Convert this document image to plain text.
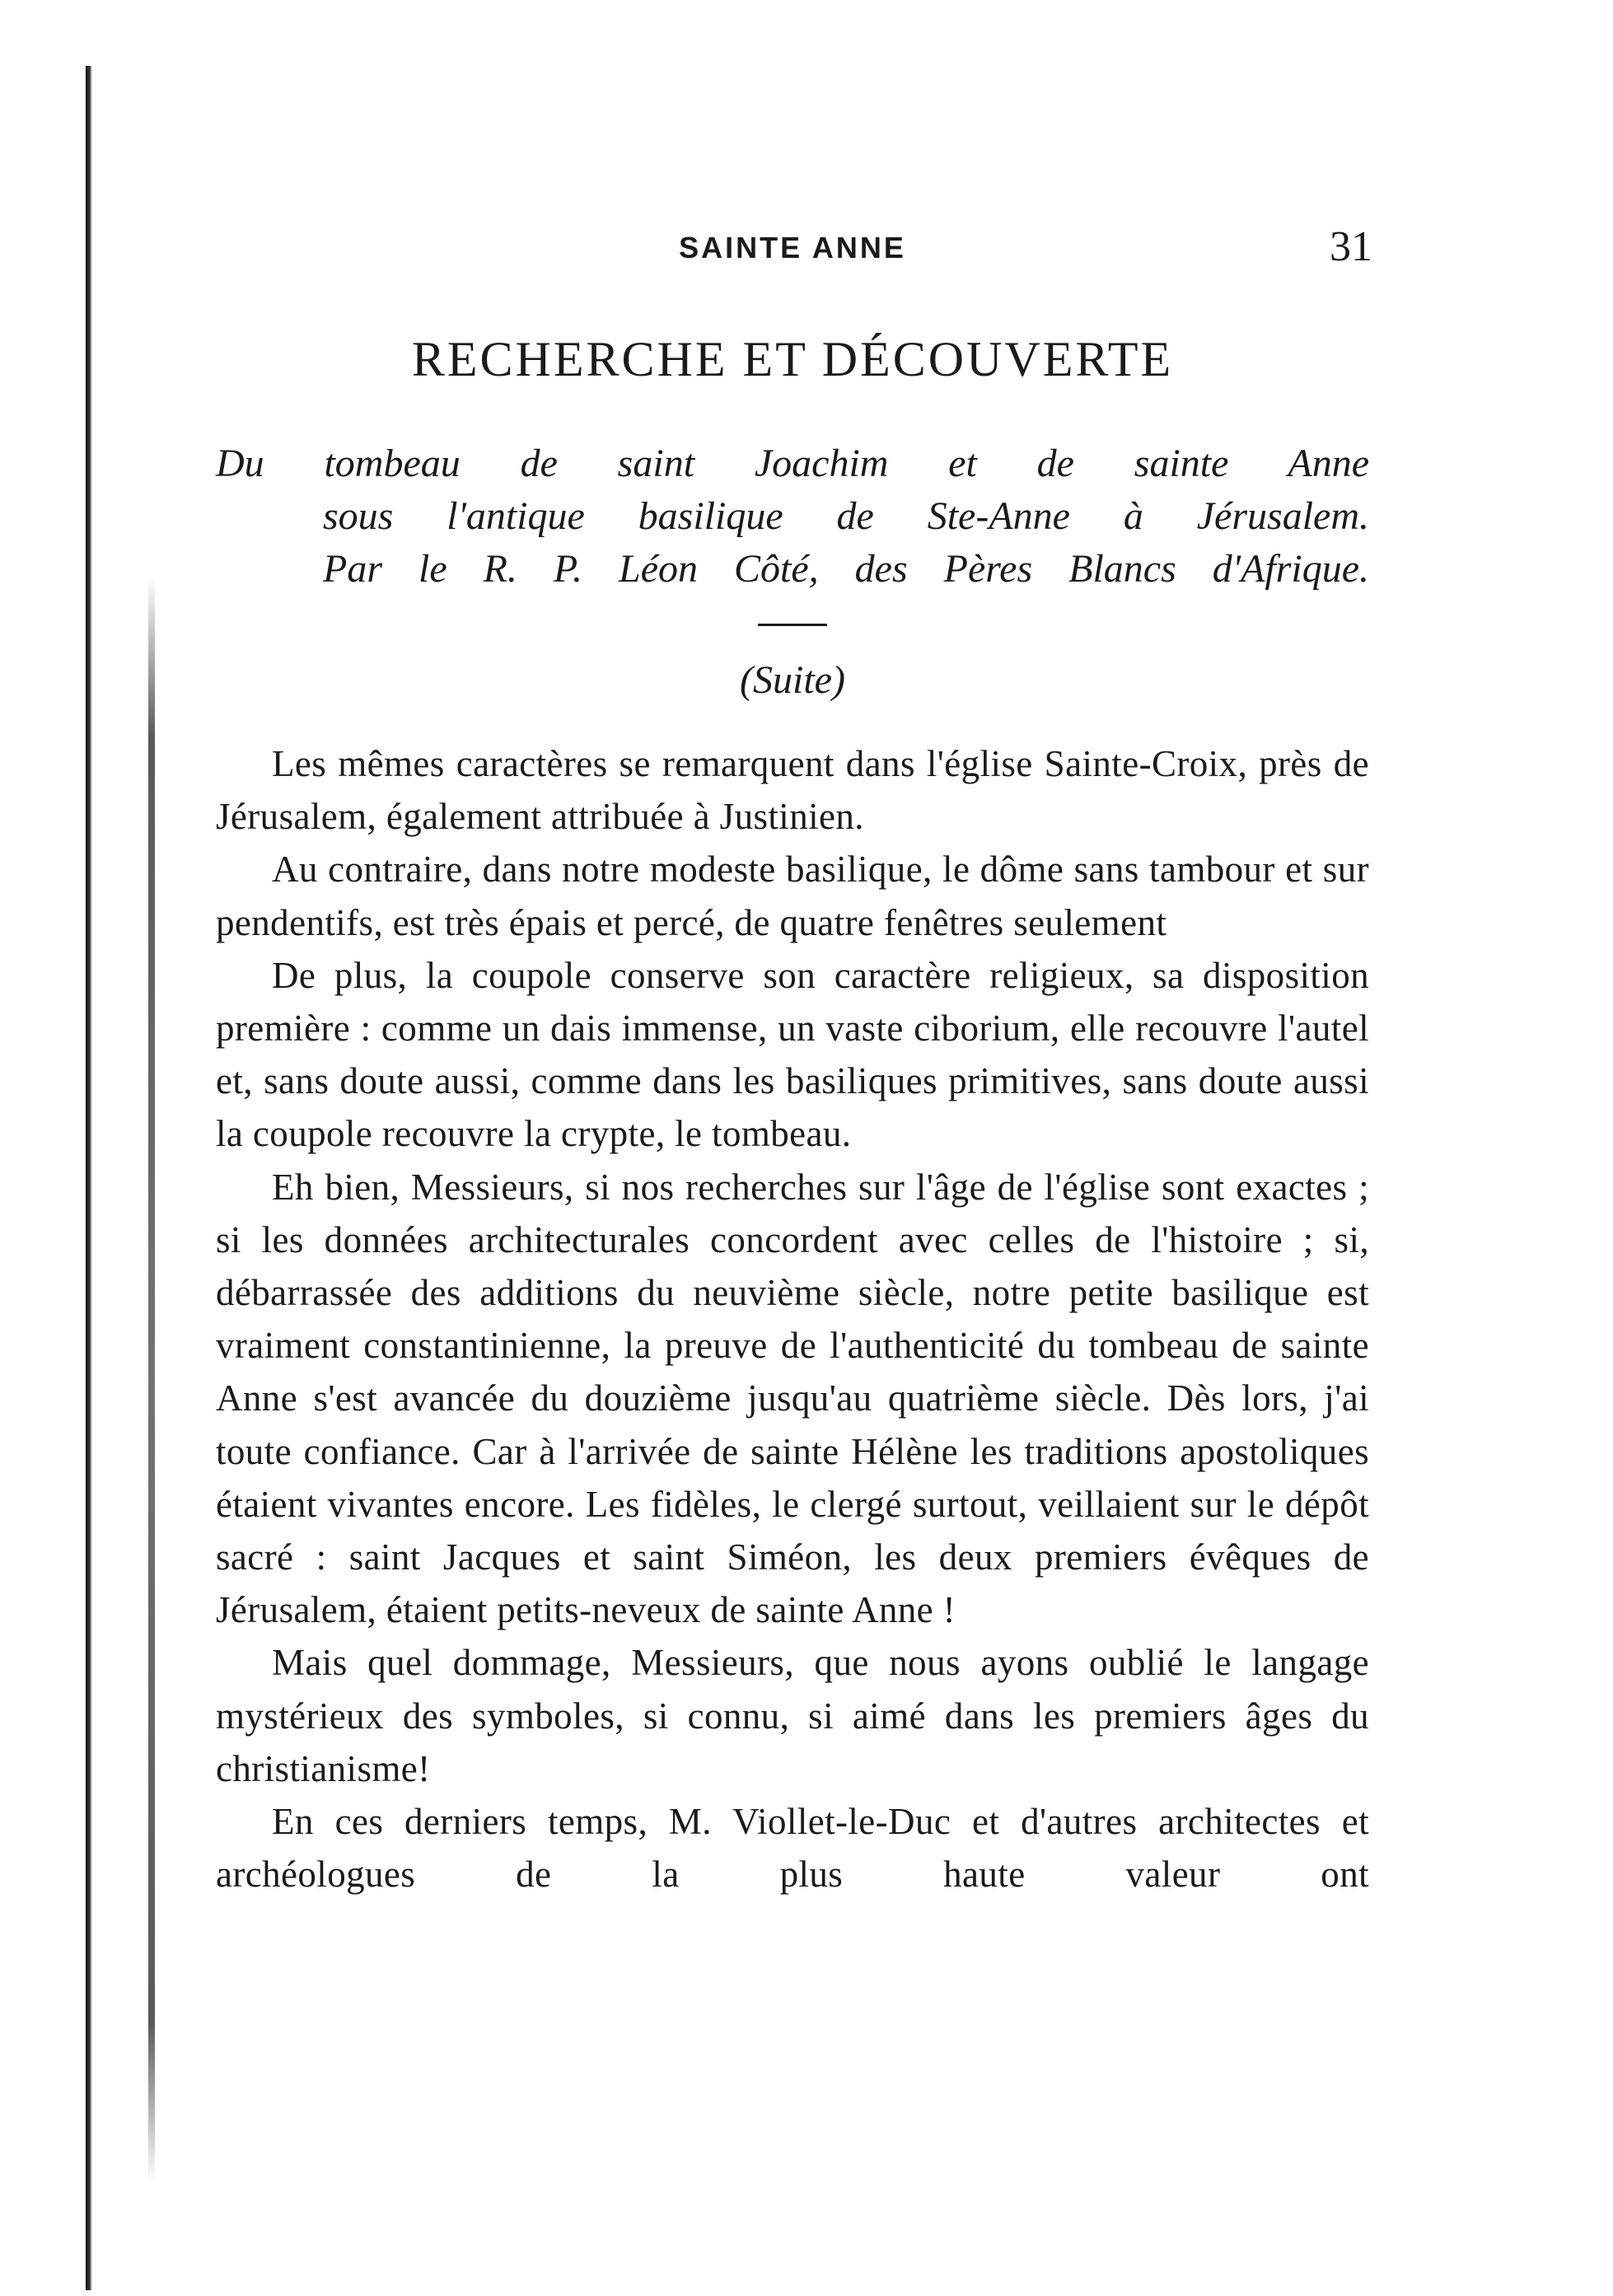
SAINTE ANNE	31
RECHERCHE ET DÉCOUVERTE
Du tombeau de saint Joachim et de sainte Anne
sous l'antique basilique de Ste-Anne à Jérusalem.
Par le R. P. Léon Côté, des Pères Blancs d'Afrique.
(Suite)

Les mêmes caractères se remarquent dans l'église Sainte-Croix, près de Jérusalem, également attribuée à Justinien.

Au contraire, dans notre modeste basilique, le dôme sans tambour et sur pendentifs, est très épais et percé, de quatre fenêtres seulement

De plus, la coupole conserve son caractère religieux, sa disposition première : comme un dais immense, un vaste ciborium, elle recouvre l'autel et, sans doute aussi, comme dans les basiliques primitives, sans doute aussi la coupole recouvre la crypte, le tombeau.

Eh bien, Messieurs, si nos recherches sur l'âge de l'église sont exactes ; si les données architecturales concordent avec celles de l'histoire ; si, débarrassée des additions du neuvième siècle, notre petite basilique est vraiment constantinienne, la preuve de l'authenticité du tombeau de sainte Anne s'est avancée du douzième jusqu'au quatrième siècle. Dès lors, j'ai toute confiance. Car à l'arrivée de sainte Hélène les traditions apostoliques étaient vivantes encore. Les fidèles, le clergé surtout, veillaient sur le dépôt sacré : saint Jacques et saint Siméon, les deux premiers évêques de Jérusalem, étaient petits-neveux de sainte Anne !

Mais quel dommage, Messieurs, que nous ayons oublié le langage mystérieux des symboles, si connu, si aimé dans les premiers âges du christianisme!

En ces derniers temps, M. Viollet-le-Duc et d'autres architectes et archéologues de la plus haute valeur ont
